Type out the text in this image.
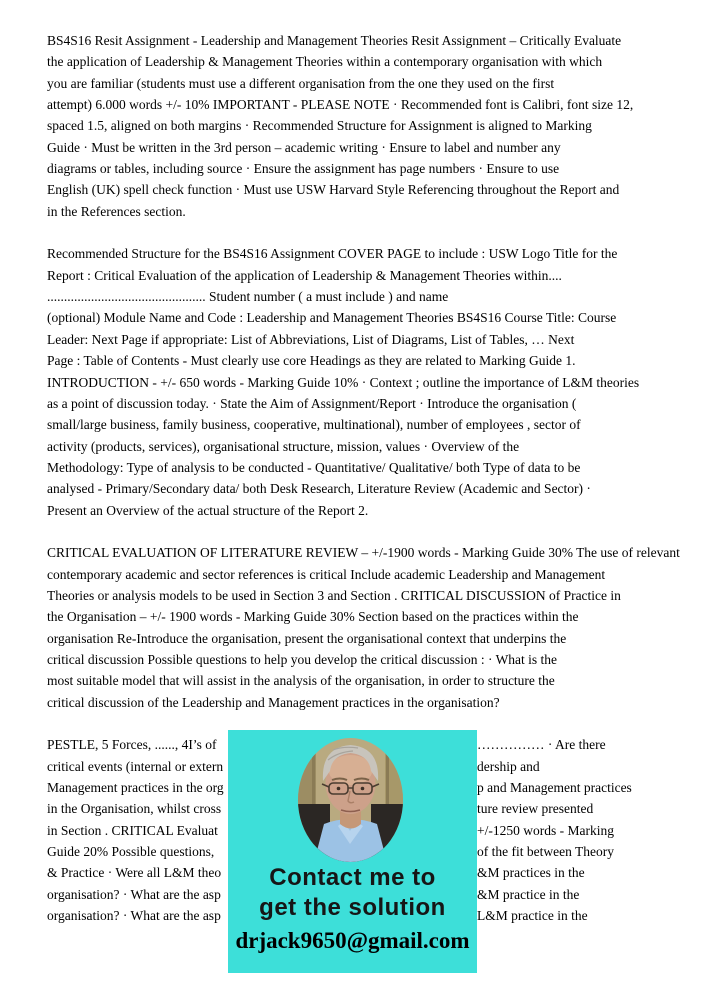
BS4S16 Resit Assignment - Leadership and Management Theories Resit Assignment – Critically Evaluate
the application of Leadership & Management Theories within a contemporary organisation with which
you are familiar (students must use a different organisation from the one they used on the first
attempt) 6.000 words +/- 10% IMPORTANT - PLEASE NOTE · Recommended font is Calibri, font size 12,
spaced 1.5, aligned on both margins · Recommended Structure for Assignment is aligned to Marking
Guide · Must be written in the 3rd person – academic writing · Ensure to label and number any
diagrams or tables, including source · Ensure the assignment has page numbers · Ensure to use
English (UK) spell check function · Must use USW Harvard Style Referencing throughout the Report and
in the References section.
Recommended Structure for the BS4S16 Assignment COVER PAGE to include : USW Logo Title for the
Report : Critical Evaluation of the application of Leadership & Management Theories within....
............................................... Student number ( a must include ) and name
(optional) Module Name and Code : Leadership and Management Theories BS4S16 Course Title: Course
Leader: Next Page if appropriate: List of Abbreviations, List of Diagrams, List of Tables, … Next
Page : Table of Contents - Must clearly use core Headings as they are related to Marking Guide 1.
INTRODUCTION - +/- 650 words - Marking Guide 10% · Context ; outline the importance of L&M theories
as a point of discussion today. · State the Aim of Assignment/Report · Introduce the organisation (
small/large business, family business, cooperative, multinational), number of employees , sector of
activity (products, services), organisational structure, mission, values · Overview of the
Methodology: Type of analysis to be conducted - Quantitative/ Qualitative/ both Type of data to be
analysed - Primary/Secondary data/ both Desk Research, Literature Review (Academic and Sector) ·
Present an Overview of the actual structure of the Report 2.
CRITICAL EVALUATION OF LITERATURE REVIEW – +/-1900 words - Marking Guide 30% The use of relevant
contemporary academic and sector references is critical Include academic Leadership and Management
Theories or analysis models to be used in Section 3 and Section . CRITICAL DISCUSSION of Practice in
the Organisation – +/- 1900 words - Marking Guide 30% Section based on the practices within the
organisation Re-Introduce the organisation, present the organisational context that underpins the
critical discussion Possible questions to help you develop the critical discussion : · What is the
most suitable model that will assist in the analysis of the organisation, in order to structure the
critical discussion of the Leadership and Management practices in the organisation?
PESTLE, 5 Forces, ......, 4I’s of	…………… · Are there
critical events (internal or extern	dership and
Management practices in the org	p and Management practices
in the Organisation, whilst cross	ture review presented
in Section . CRITICAL Evaluat	+/-1250 words - Marking
Guide 20% Possible questions,	of the fit between Theory
& Practice · Were all L&M theo	&M practices in the
organisation? · What are the asp	&M practice in the
organisation? · What are the asp	L&M practice in the
Contact me to
get the solution
drjack9650@gmail.com
